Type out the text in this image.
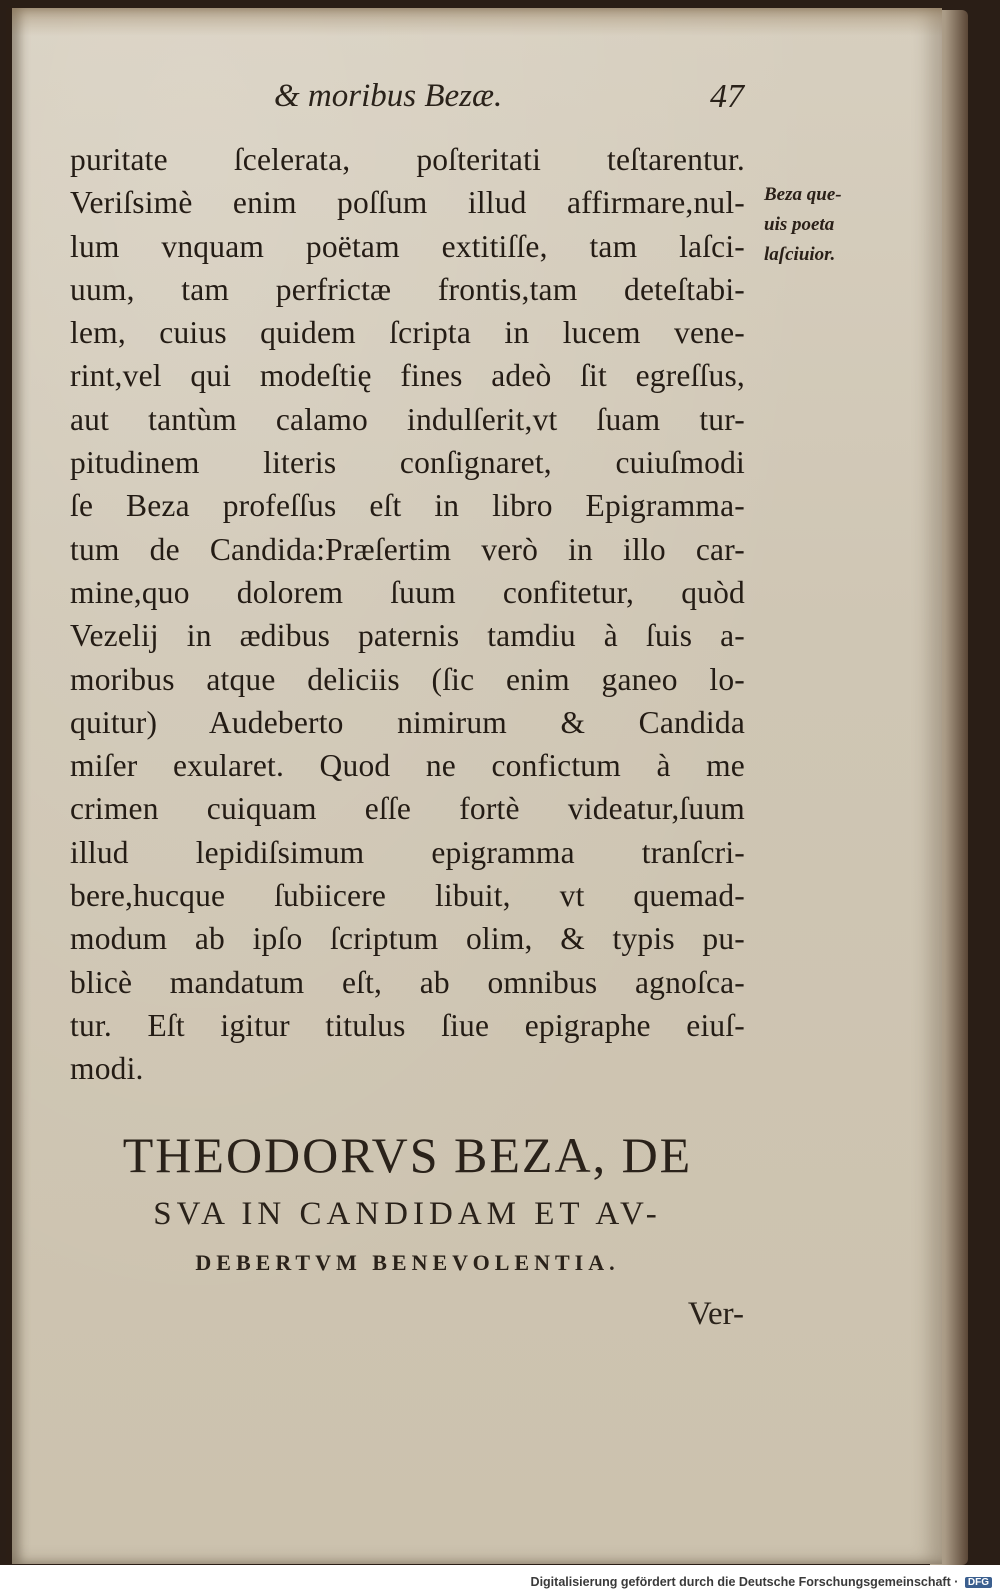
& moribus Bezæ.	47
puritate ſcelerata, poſteritati teſtarentur.
Veriſsimè enim poſſum illud affirmare,nul-
lum vnquam poëtam extitiſſe, tam laſci-
uum, tam perfrictæ frontis,tam deteſtabi-
lem, cuius quidem ſcripta in lucem vene-
rint,vel qui modeſtię fines adeò ſit egreſſus,
aut tantùm calamo indulſerit,vt ſuam tur-
pitudinem literis conſignaret, cuiuſmodi
ſe Beza profeſſus eſt in libro Epigramma-
tum de Candida:Præſertim verò in illo car-
mine,quo dolorem ſuum confitetur, quòd
Vezelij in ædibus paternis tamdiu à ſuis a-
moribus atque deliciis (ſic enim ganeo lo-
quitur) Audeberto nimirum & Candida
miſer exularet. Quod ne confictum à me
crimen cuiquam eſſe fortè videatur,ſuum
illud lepidiſsimum epigramma tranſcri-
bere,hucque ſubiicere libuit, vt quemad-
modum ab ipſo ſcriptum olim, & typis pu-
blicè mandatum eſt, ab omnibus agnoſca-
tur. Eſt igitur titulus ſiue epigraphe eiuſ-
modi.
Beza que-
uis poeta
laſciuior.
THEODORVS BEZA, DE
SVA IN CANDIDAM ET AV-
DEBERTVM BENEVOLENTIA.
Ver-
Digitalisierung gefördert durch die Deutsche Forschungsgemeinschaft · DFG
